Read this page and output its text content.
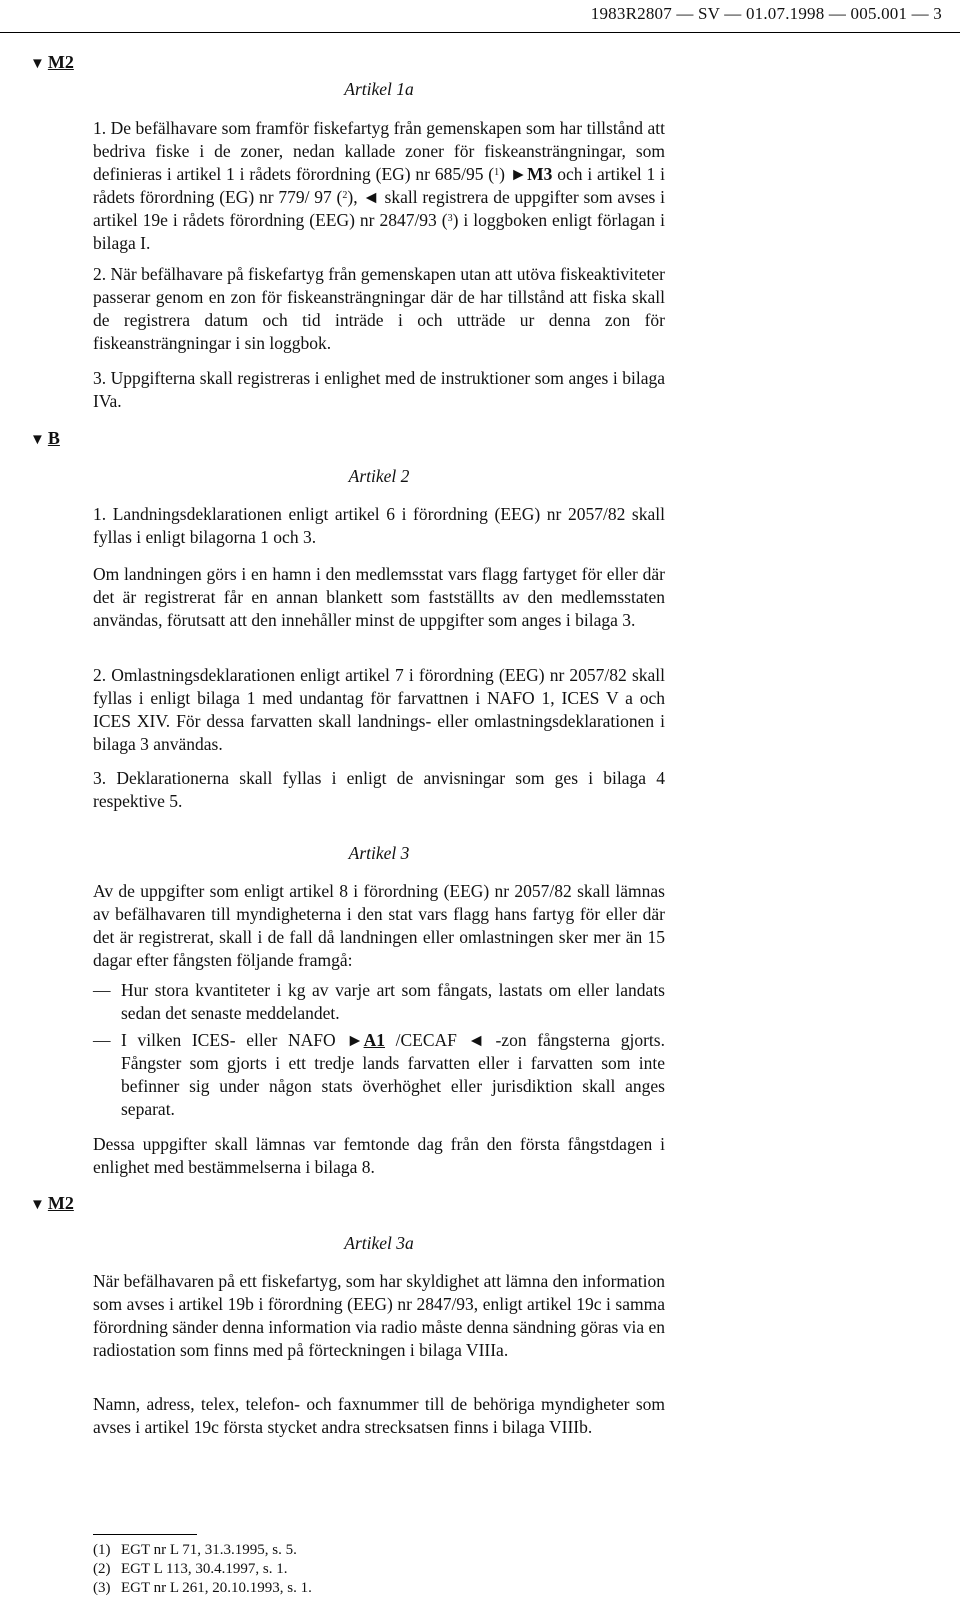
1983R2807 — SV — 01.07.1998 — 005.001 — 3
▼ M2
▼ B
▼ M2

Artikel 1a

1. De befälhavare som framför fiskefartyg från gemenskapen som har tillstånd att bedriva fiske i de zoner, nedan kallade zoner för fiskeansträngningar, som definieras i artikel 1 i rådets förordning (EG) nr 685/95 ($^1$) ►M3 och i artikel 1 i rådets förordning (EG) nr 779/ 97 ($^2$), ◄ skall registrera de uppgifter som avses i artikel 19e i rådets förordning (EEG) nr 2847/93 ($^3$) i loggboken enligt förlagan i bilaga I.

2. När befälhavare på fiskefartyg från gemenskapen utan att utöva fiskeaktiviteter passerar genom en zon för fiskeansträngningar där de har tillstånd att fiska skall de registrera datum och tid inträde i och utträde ur denna zon för fiskeansträngningar i sin loggbok.

3. Uppgifterna skall registreras i enlighet med de instruktioner som anges i bilaga IVa.

Artikel 2

1. Landningsdeklarationen enligt artikel 6 i förordning (EEG) nr 2057/82 skall fyllas i enligt bilagorna 1 och 3.

Om landningen görs i en hamn i den medlemsstat vars flagg fartyget för eller där det är registrerat får en annan blankett som fastställts av den medlemsstaten användas, förutsatt att den innehåller minst de uppgifter som anges i bilaga 3.

2. Omlastningsdeklarationen enligt artikel 7 i förordning (EEG) nr 2057/82 skall fyllas i enligt bilaga 1 med undantag för farvattnen i NAFO 1, ICES V a och ICES XIV. För dessa farvatten skall landnings- eller omlastningsdeklarationen i bilaga 3 användas.

3. Deklarationerna skall fyllas i enligt de anvisningar som ges i bilaga 4 respektive 5.

Artikel 3

Av de uppgifter som enligt artikel 8 i förordning (EEG) nr 2057/82 skall lämnas av befälhavaren till myndigheterna i den stat vars flagg hans fartyg för eller där det är registrerat, skall i de fall då landningen eller omlastningen sker mer än 15 dagar efter fångsten följande framgå:

— Hur stora kvantiteter i kg av varje art som fångats, lastats om eller landats sedan det senaste meddelandet.
— I vilken ICES- eller NAFO ►A1 /CECAF ◄ -zon fångsterna gjorts. Fångster som gjorts i ett tredje lands farvatten eller i farvatten som inte befinner sig under någon stats överhöghet eller jurisdiktion skall anges separat.

Dessa uppgifter skall lämnas var femtonde dag från den första fångstdagen i enlighet med bestämmelserna i bilaga 8.

Artikel 3a

När befälhavaren på ett fiskefartyg, som har skyldighet att lämna den information som avses i artikel 19b i förordning (EEG) nr 2847/93, enligt artikel 19c i samma förordning sänder denna information via radio måste denna sändning göras via en radiostation som finns med på förteckningen i bilaga VIIIa.

Namn, adress, telex, telefon- och faxnummer till de behöriga myndigheter som avses i artikel 19c första stycket andra strecksatsen finns i bilaga VIIIb.

(1) EGT nr L 71, 31.3.1995, s. 5.
(2) EGT L 113, 30.4.1997, s. 1.
(3) EGT nr L 261, 20.10.1993, s. 1.
